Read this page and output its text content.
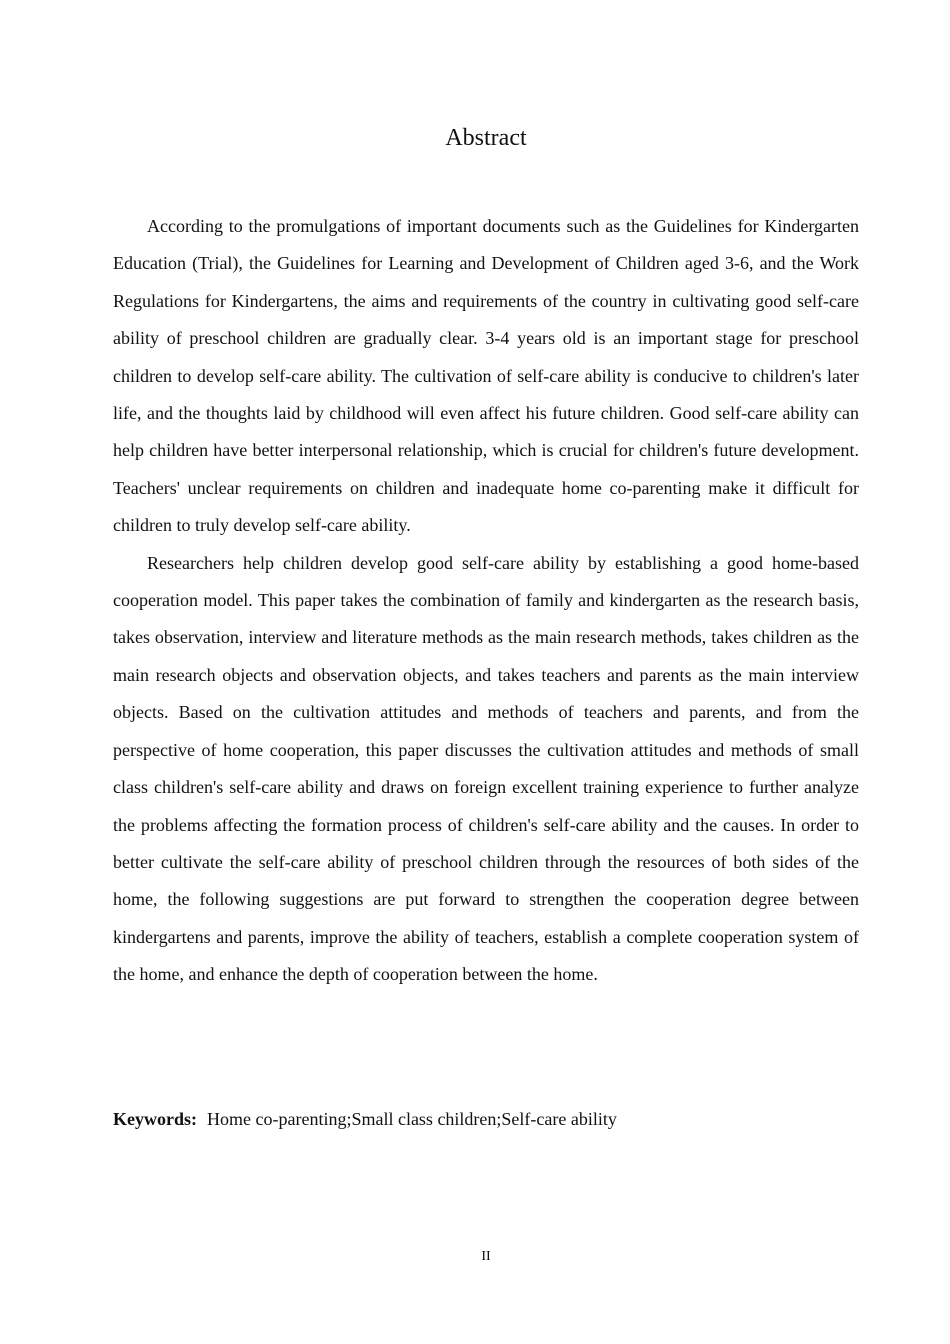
Abstract

According to the promulgations of important documents such as the Guidelines for Kindergarten Education (Trial), the Guidelines for Learning and Development of Children aged 3-6, and the Work Regulations for Kindergartens, the aims and requirements of the country in cultivating good self-care ability of preschool children are gradually clear. 3-4 years old is an important stage for preschool children to develop self-care ability. The cultivation of self-care ability is conducive to children's later life, and the thoughts laid by childhood will even affect his future children. Good self-care ability can help children have better interpersonal relationship, which is crucial for children's future development. Teachers' unclear requirements on children and inadequate home co-parenting make it difficult for children to truly develop self-care ability.

Researchers help children develop good self-care ability by establishing a good home-based cooperation model. This paper takes the combination of family and kindergarten as the research basis, takes observation, interview and literature methods as the main research methods, takes children as the main research objects and observation objects, and takes teachers and parents as the main interview objects. Based on the cultivation attitudes and methods of teachers and parents, and from the perspective of home cooperation, this paper discusses the cultivation attitudes and methods of small class children's self-care ability and draws on foreign excellent training experience to further analyze the problems affecting the formation process of children's self-care ability and the causes. In order to better cultivate the self-care ability of preschool children through the resources of both sides of the home, the following suggestions are put forward to strengthen the cooperation degree between kindergartens and parents, improve the ability of teachers, establish a complete cooperation system of the home, and enhance the depth of cooperation between the home.

Keywords: Home co-parenting;Small class children;Self-care ability
II
